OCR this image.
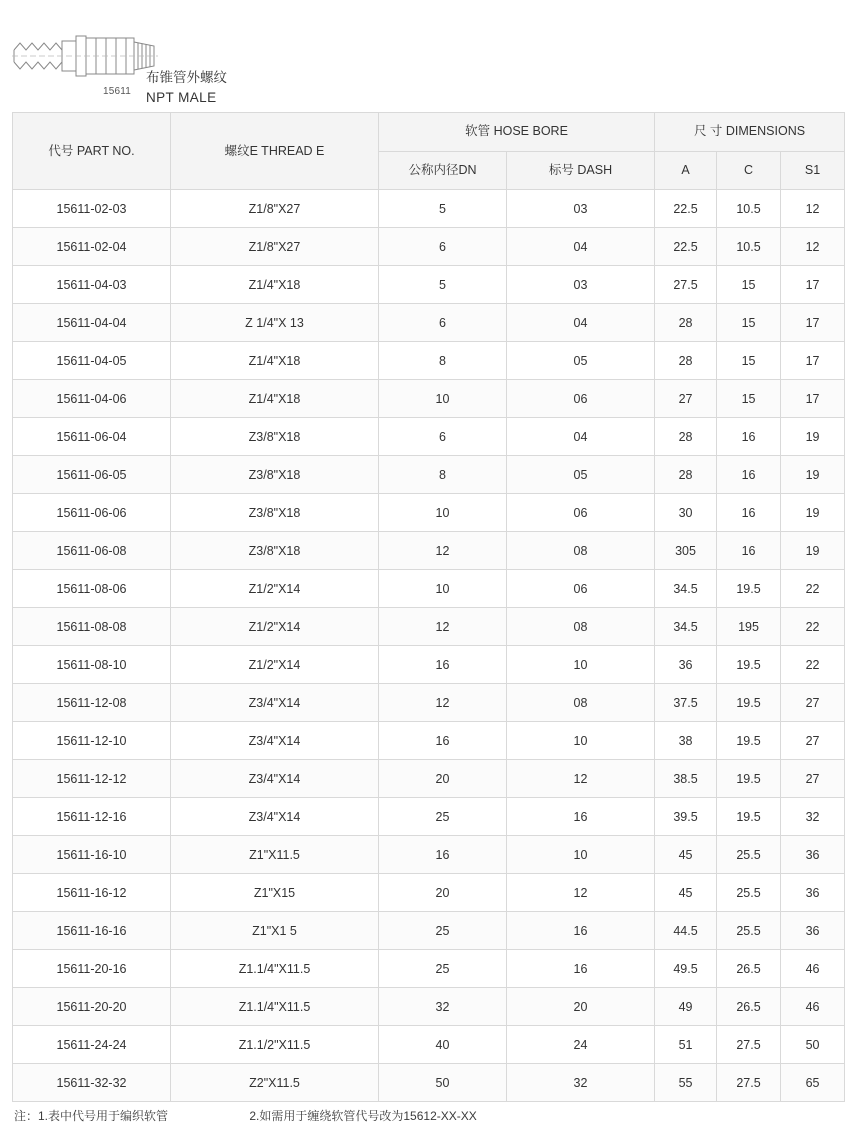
15611
布锥管外螺纹
NPT MALE
代号 PART NO.	螺纹E THREAD E	软管 HOSE BORE		尺 寸 DIMENSIONS		
		公称内径DN	标号 DASH	A	C	S1
15611-02-03	Z1/8"X27	5	03	22.5	10.5	12
15611-02-04	Z1/8"X27	6	04	22.5	10.5	12
15611-04-03	Z1/4"X18	5	03	27.5	15	17
15611-04-04	Z 1/4"X 13	6	04	28	15	17
15611-04-05	Z1/4"X18	8	05	28	15	17
15611-04-06	Z1/4"X18	10	06	27	15	17
15611-06-04	Z3/8"X18	6	04	28	16	19
15611-06-05	Z3/8"X18	8	05	28	16	19
15611-06-06	Z3/8"X18	10	06	30	16	19
15611-06-08	Z3/8"X18	12	08	305	16	19
15611-08-06	Z1/2"X14	10	06	34.5	19.5	22
15611-08-08	Z1/2"X14	12	08	34.5	195	22
15611-08-10	Z1/2"X14	16	10	36	19.5	22
15611-12-08	Z3/4"X14	12	08	37.5	19.5	27
15611-12-10	Z3/4"X14	16	10	38	19.5	27
15611-12-12	Z3/4"X14	20	12	38.5	19.5	27
15611-12-16	Z3/4"X14	25	16	39.5	19.5	32
15611-16-10	Z1"X11.5	16	10	45	25.5	36
15611-16-12	Z1"X15	20	12	45	25.5	36
15611-16-16	Z1"X1 5	25	16	44.5	25.5	36
15611-20-16	Z1.1/4"X11.5	25	16	49.5	26.5	46
15611-20-20	Z1.1/4"X11.5	32	20	49	26.5	46
15611-24-24	Z1.1/2"X11.5	40	24	51	27.5	50
15611-32-32	Z2"X11.5	50	32	55	27.5	65
注：1.表中代号用于编织软管	2.如需用于缠绕软管代号改为15612-XX-XX
